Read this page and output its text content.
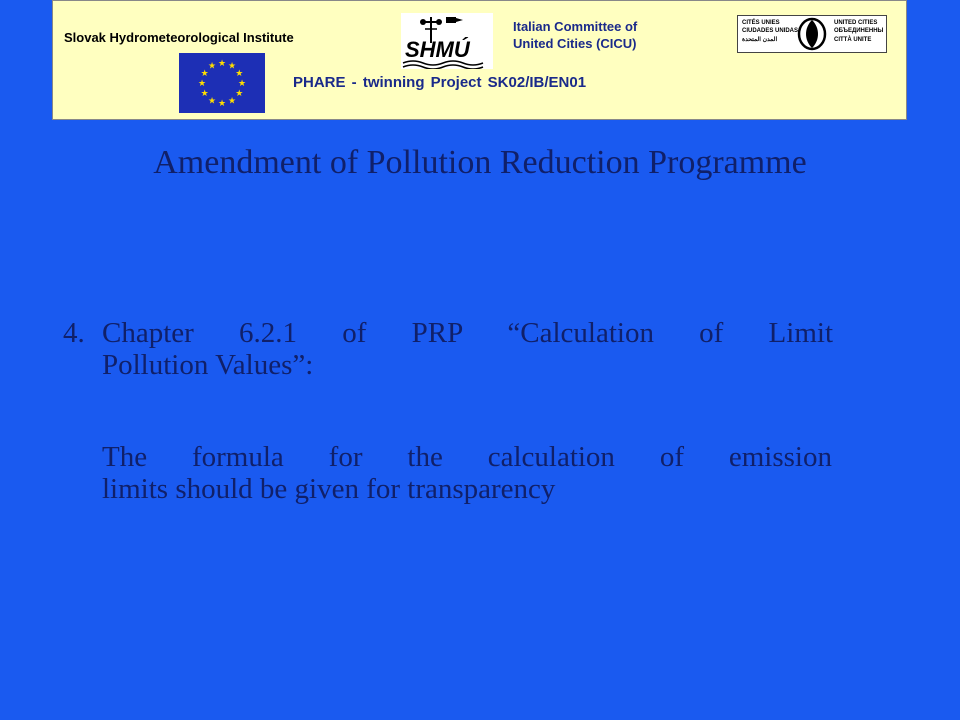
Slovak Hydrometeorological Institute	SHMÚ
Italian Committee of
United Cities (CICU)
CITÉS UNIES
CIUDADES UNIDAS
المدن المتحدة
UNITED CITIES
ОБЪЕДИНЕННЫ
CITTÀ UNITE
★ ★
★
★
★
★
★
★
★
★
★
★
PHARE - twinning Project SK02/IB/EN01
Amendment of Pollution Reduction Programme
4. Chapter 6.2.1 of PRP “Calculation of Limit
Pollution Values”:
The formula for the calculation of emission
limits should be given for transparency
